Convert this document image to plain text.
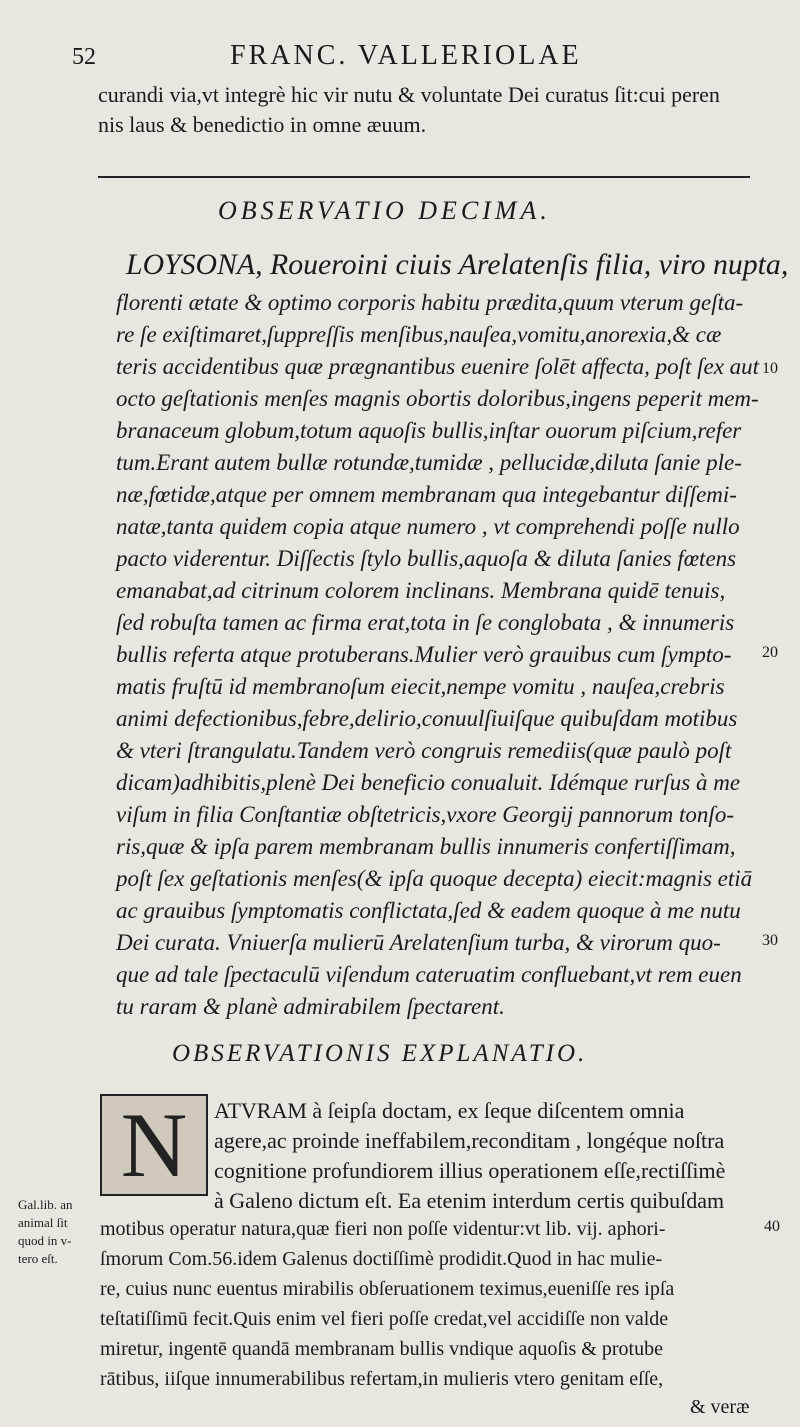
52	FRANC. VALLERIOLAE
curandi via,vt integrè hic vir nutu & voluntate Dei curatus ſit:cui peren
nis laus & benedictio in omne æuum.
OBSERVATIO DECIMA.
LOYSONA, Roueroini ciuis Arelatenſis filia, viro nupta,
florenti ætate & optimo corporis habitu prædita,quum vterum geſta-
re ſe exiſtimaret,ſuppreſſis menſibus,nauſea,vomitu,anorexia,& cæ
teris accidentibus quæ prægnantibus euenire ſolēt affecta, poſt ſex aut
octo geſtationis menſes magnis obortis doloribus,ingens peperit mem-
branaceum globum,totum aquoſis bullis,inſtar ouorum piſcium,refer
tum.Erant autem bullæ rotundæ,tumidæ , pellucidæ,diluta ſanie ple-
næ,fœtidæ,atque per omnem membranam qua integebantur diſſemi-
natæ,tanta quidem copia atque numero , vt comprehendi poſſe nullo
pacto viderentur. Diſſectis ſtylo bullis,aquoſa & diluta ſanies fœtens
emanabat,ad citrinum colorem inclinans. Membrana quidē tenuis,
ſed robuſta tamen ac firma erat,tota in ſe conglobata , & innumeris
bullis referta atque protuberans.Mulier verò grauibus cum ſympto-
matis fruſtū id membranoſum eiecit,nempe vomitu , nauſea,crebris
animi defectionibus,febre,delirio,conuulſiuiſque quibuſdam motibus
& vteri ſtrangulatu.Tandem verò congruis remediis(quæ paulò poſt
dicam)adhibitis,plenè Dei beneficio conualuit. Idémque rurſus à me
viſum in filia Conſtantiæ obſtetricis,vxore Georgij pannorum tonſo-
ris,quæ & ipſa parem membranam bullis innumeris confertiſſimam,
poſt ſex geſtationis menſes(& ipſa quoque decepta) eiecit:magnis etiā
ac grauibus ſymptomatis conflictata,ſed & eadem quoque à me nutu
Dei curata. Vniuerſa mulierū Arelatenſium turba, & virorum quo-
que ad tale ſpectaculū viſendum cateruatim confluebant,vt rem euen
tu raram & planè admirabilem ſpectarent.
10
20
30
40
OBSERVATIONIS EXPLANATIO.
N	ATVRAM à ſeipſa doctam, ex ſeque diſcentem omnia
agere,ac proinde ineffabilem,reconditam , longéque noſtra
cognitione profundiorem illius operationem eſſe,rectiſſimè
à Galeno dictum eſt. Ea etenim interdum certis quibuſdam
motibus operatur natura,quæ fieri non poſſe videntur:vt lib. vij. aphori-
ſmorum Com.56.idem Galenus doctiſſimè prodidit.Quod in hac mulie-
re, cuius nunc euentus mirabilis obſeruationem teximus,eueniſſe res ipſa
teſtatiſſimū fecit.Quis enim vel fieri poſſe credat,vel accidiſſe non valde
miretur, ingentē quandā membranam bullis vndique aquoſis & protube
rātibus, iiſque innumerabilibus refertam,in mulieris vtero genitam eſſe,
& veræ
Gal.lib. an
animal ſit
quod in v-
tero eſt.
